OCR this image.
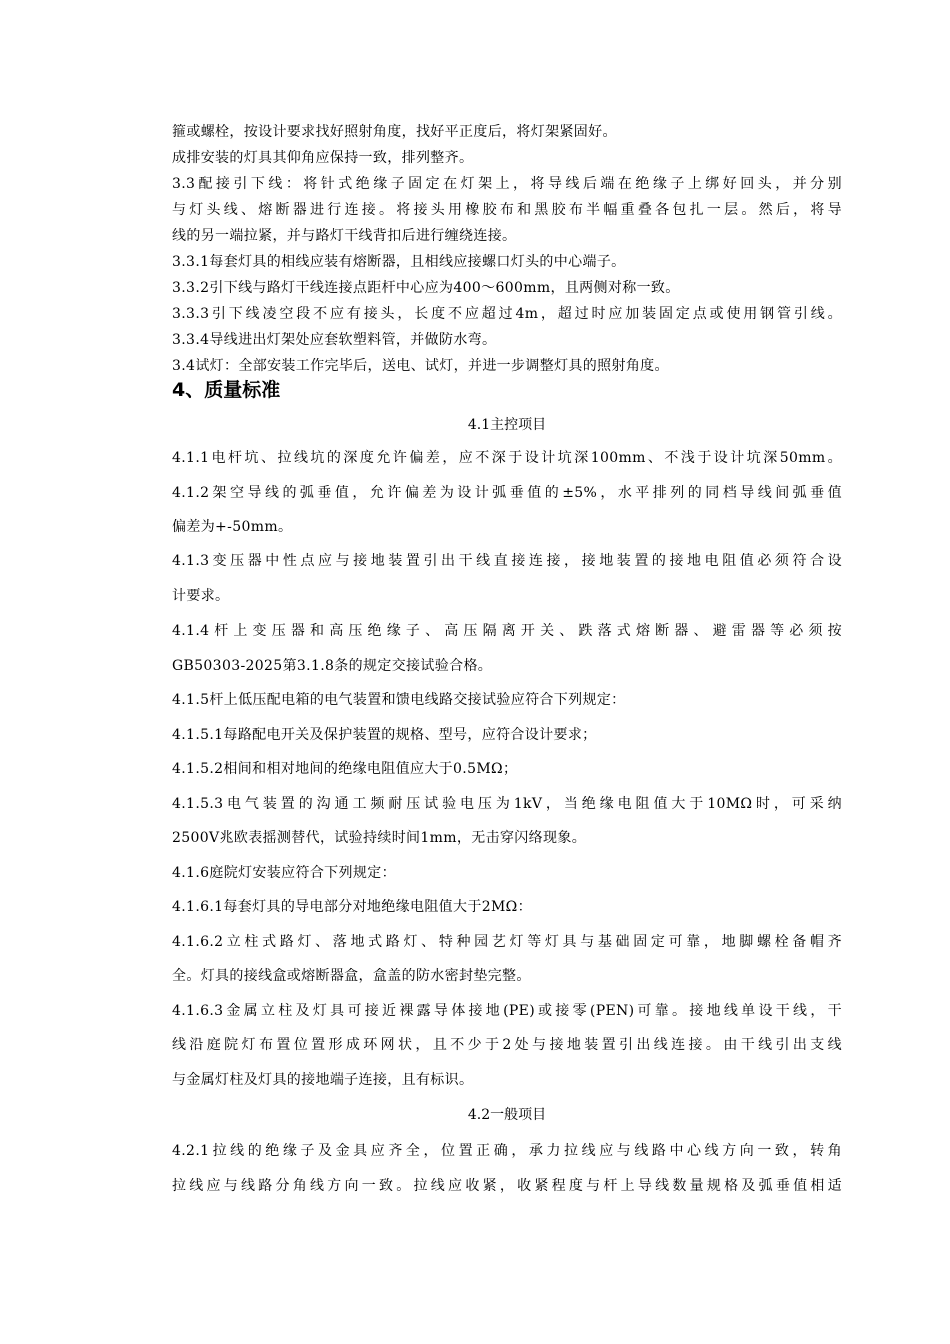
箍或螺栓，按设计要求找好照射角度，找好平正度后，将灯架紧固好。
成排安装的灯具其仰角应保持一致，排列整齐。
3.3配接引下线：将针式绝缘子固定在灯架上，将导线后端在绝缘子上绑好回头，并分别
与灯头线、熔断器进行连接。将接头用橡胶布和黑胶布半幅重叠各包扎一层。然后，将导
线的另一端拉紧，并与路灯干线背扣后进行缠绕连接。
3.3.1每套灯具的相线应装有熔断器，且相线应接螺口灯头的中心端子。
3.3.2引下线与路灯干线连接点距杆中心应为400～600mm，且两侧对称一致。
3.3.3引下线凌空段不应有接头，长度不应超过4m，超过时应加装固定点或使用钢管引线。
3.3.4导线进出灯架处应套软塑料管，并做防水弯。
3.4试灯：全部安装工作完毕后，送电、试灯，并进一步调整灯具的照射角度。
4、质量标准
4.1主控项目
4.1.1电杆坑、拉线坑的深度允许偏差，应不深于设计坑深100mm、不浅于设计坑深50mm。
4.1.2架空导线的弧垂值，允许偏差为设计弧垂值的±5%，水平排列的同档导线间弧垂值
偏差为+-50mm。
4.1.3变压器中性点应与接地装置引出干线直接连接，接地装置的接地电阻值必须符合设
计要求。
4.1.4杆上变压器和高压绝缘子、高压隔离开关、跌落式熔断器、避雷器等必须按
GB50303-2025第3.1.8条的规定交接试验合格。
4.1.5杆上低压配电箱的电气装置和馈电线路交接试验应符合下列规定：
4.1.5.1每路配电开关及保护装置的规格、型号，应符合设计要求；
4.1.5.2相间和相对地间的绝缘电阻值应大于0.5MΩ；
4.1.5.3电气装置的沟通工频耐压试验电压为1kV，当绝缘电阻值大于10MΩ时，可采纳
2500V兆欧表摇测替代，试验持续时间1mm，无击穿闪络现象。
4.1.6庭院灯安装应符合下列规定：
4.1.6.1每套灯具的导电部分对地绝缘电阻值大于2MΩ：
4.1.6.2立柱式路灯、落地式路灯、特种园艺灯等灯具与基础固定可靠，地脚螺栓备帽齐
全。灯具的接线盒或熔断器盒，盒盖的防水密封垫完整。
4.1.6.3金属立柱及灯具可接近裸露导体接地(PE)或接零(PEN)可靠。接地线单设干线，干
线沿庭院灯布置位置形成环网状，且不少于2处与接地装置引出线连接。由干线引出支线
与金属灯柱及灯具的接地端子连接，且有标识。
4.2一般项目
4.2.1拉线的绝缘子及金具应齐全，位置正确，承力拉线应与线路中心线方向一致，转角
拉线应与线路分角线方向一致。拉线应收紧，收紧程度与杆上导线数量规格及弧垂值相适
